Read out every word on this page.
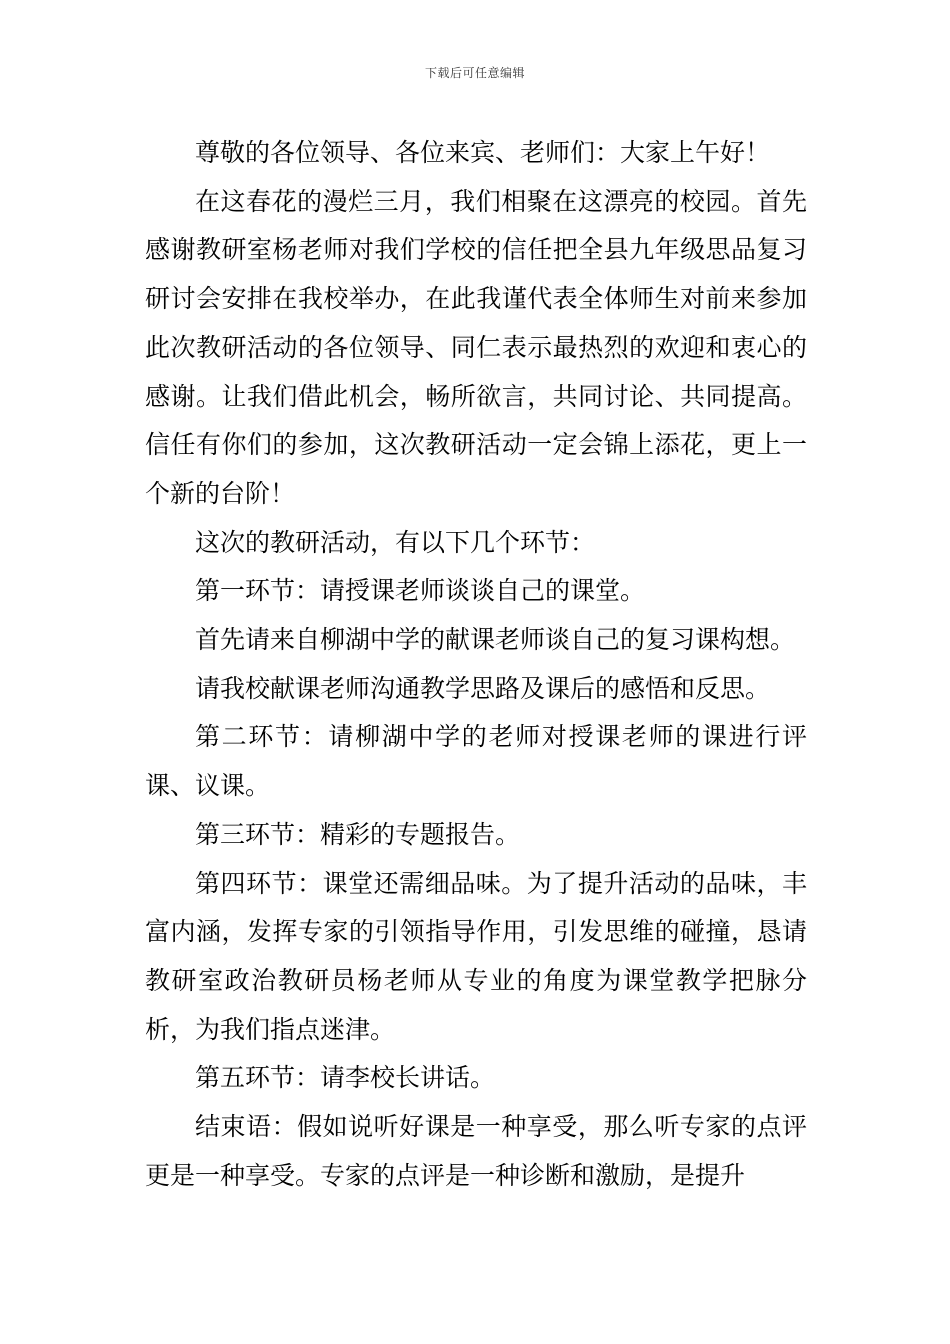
下载后可任意编辑

尊敬的各位领导、各位来宾、老师们：大家上午好！

在这春花的漫烂三月，我们相聚在这漂亮的校园。首先感谢教研室杨老师对我们学校的信任把全县九年级思品复习研讨会安排在我校举办，在此我谨代表全体师生对前来参加此次教研活动的各位领导、同仁表示最热烈的欢迎和衷心的感谢。让我们借此机会，畅所欲言，共同讨论、共同提高。信任有你们的参加，这次教研活动一定会锦上添花，更上一个新的台阶！

这次的教研活动，有以下几个环节：

第一环节：请授课老师谈谈自己的课堂。

首先请来自柳湖中学的献课老师谈自己的复习课构想。

请我校献课老师沟通教学思路及课后的感悟和反思。

第二环节：请柳湖中学的老师对授课老师的课进行评课、议课。

第三环节：精彩的专题报告。

第四环节：课堂还需细品味。为了提升活动的品味，丰富内涵，发挥专家的引领指导作用，引发思维的碰撞，恳请教研室政治教研员杨老师从专业的角度为课堂教学把脉分析，为我们指点迷津。

第五环节：请李校长讲话。

结束语：假如说听好课是一种享受，那么听专家的点评更是一种享受。专家的点评是一种诊断和激励，是提升
